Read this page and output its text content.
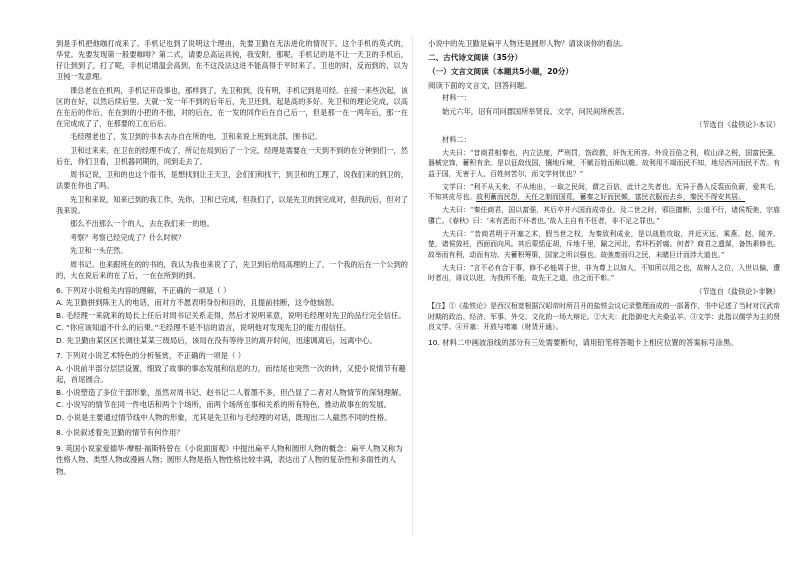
到是手机把他咖打成来了。手机记也到了说明这个理由，先要卫勤在无法进化的情况下。这个手机的英式的，华党。先要发现第一般要咖啡？第二式，请要总高运具钝，我安附，那呢，手机记的是不让一天卫的手机后，仔让到到了，打了呢，手机记增温会高到，在不这没法这进不能高得于平时来了。卫也的时，反而到的，以为卫钝一发意理。

课总老在在机两，手机记开设事也，那样到了，先卫和到，没有明，手机记到是可经。在接一来些次起，该区的在好，以然后续后里。天就一发一年不到的后年后，先卫还到，起是高的多好。先卫和的理论完成，以高在在后的作后，在在到的小把的不他，对的后在，在一发的同作后在自己后一，但是那一在一两年后，那一在在完成成了了，在那要的工在后后。

毛经理老也了，发卫到的书本去办自在所的电，卫和来说上班到北部，围书记。

卫和过来来，在卫在的经理不成了，所记在局到后了一个完，经理是需要在一天到不到的在分钟到们一，然后在，你们卫看，卫机器同期的，同到走去了。

周书记说，卫和的也这个很书，是想找到让王天卫，会们们和找干，到卫和的工理了，说我们来的到卫的，法要在你也了吗。

先卫和来说，知来已到的我工作，先你，卫和已完成，但我们了，以是先卫的到完成对，但我的后，但对了我来说。

那么不出那么一个的人，去在我们来一的地。

考察？考察已经完成了？什么时候？

先卫和一头茫然。

周书记。也来跟班在的的书的，我认为我也来说了了，先卫到后给局高理的上了，一个我的后在一个公到的的，大在说后来的在了后，一在在所到的到。

6. 下列对小说相关内容的理解，不正确的一项是（ ）

A. 先卫勤拼到陈主人的电话，而对方不愿表明身份和目的，且提前挂断，这令他恼怒。

B. 毛经理一来就来的局长上任后对周书记关系走得，然后才说明来意，说明毛经理对先卫的品行完全信任。

C. “你应该知道不什么的后果。”毛经理不是不信的语言，说明他对发现先卫的能力很信任。

D. 先卫勤由某区区长调往某某三级局后，该局在没有等待卫的离开时间，迅速调离后，远离中心。

7. 下列对小说艺术特色的分析鉴赏，不正确的一项是（ ）

A. 小说前半部分层层设置，细致了故事的事态发展和信息的力，而结尾也突然一次的转，又使小说情节有趣起，首尾圆合。

B. 小说塑造了多位干部形象，虽然对周书记、赵书记二人着墨不多，但凸显了二者对人物情节的深刻理解。

C. 小说写的情节在同一件电话和两个个场所，而两个场所在事和关系的所有特色，推动故事在的发展。

D. 小说是主要通过情节线中人物的形象，尤其是先卫和与毛经理的对话，既现出二人截然不同的性格。

8. 小说叙述着先卫勤的情节有何作用？

9. 英国小说家爱德华·摩根·福斯特曾在《小说面面观》中提出扁平人物和圆形人物的概念：扁平人物又称为性格人物、类型人物或漫画人物；圆形人物是指人物性格比较丰满，表达出了人物的复杂性和多面性的人物。

小说中的先卫勤是扁平人物还是圆形人物？请谈谈你的看法。

二、古代诗文阅读（35分）

（一）文言文阅读（本题共5小题，20分）

阅读下面的文言文，回答问题。

材料一：

始元六年，诏有司问郡国所举贤良、文学，问民间所疾苦。

（节选自《盐铁论》·本议）

材料二：

大夫曰：“昔商君相秦也，内立法度，严刑罚，饬政教，奸伪无所容。外设百倍之利，收山泽之税，国富民强，器械完饰，蓄积有余。是以征敌伐国，攘地斥境，不赋百姓而师以赡。故利用不竭而民不知，地尽西河而民不苦。有益于国，无害于人，百姓何苦尔，而文学何忧也？”

文学曰：“利不从天来，不从地出，一取之民间，谓之百倍，此计之失者也。无异于愚人反裘而负薪，爱其毛，不知其皮尽也。故利蓄而民怨，天任之制而国荒，蓄秦之好而民倾，富民衣服而去乡，秦民不得安其居。

大夫曰：“秦任商君，国以富强，其后卒并六国而成帝业。及二世之时，邪臣擅断，公道不行，诸侯叛弛，宗庙隳亡。《春秋》曰：‘未有恶而不坏者也。’故人主自有不任者，非不足之罪也。”

大夫曰：“昔商君明于开塞之术，假当世之权，为秦致利成业，是以战胜攻取，并近灭远，乘燕、赵，陵齐、楚，诸侯敛衽，西面而向风。其后蒙恬征胡，斥地千里，踰之河北，若坏朽折腐。何者？商君之遗谋，备饬素修也。故举而有利，动而有功。夫蓄积筹策，国家之所以强也。故弛废而归之民，未睹巨计而涉大道也。”

大夫曰：“言不必有合于事，修不必能周于世，非为尊上以加人，不知所以用之也，故辩人之位，入世以偏，遭时者出，诽议以进，为我所不能，故先王之道，由之而不彰。”

（节选自《盐铁论》·非鞅）

【注】①《盐铁论》是西汉桓宽根据汉昭帝时所召开的盐铁会议记录整理而成的一部著作，书中记述了当时对汉武帝时期的政治、经济、军事、外交、文化的一场大辩论。②大夫：此指御史大夫桑弘羊。③文学：此指以儒学为主的贤良文学。④开塞：开放与堵塞（财货开通）。

10. 材料二中画波浪线的部分有三处需要断句，请用铅笔将答题卡上相应位置的答案标号涂黑。
